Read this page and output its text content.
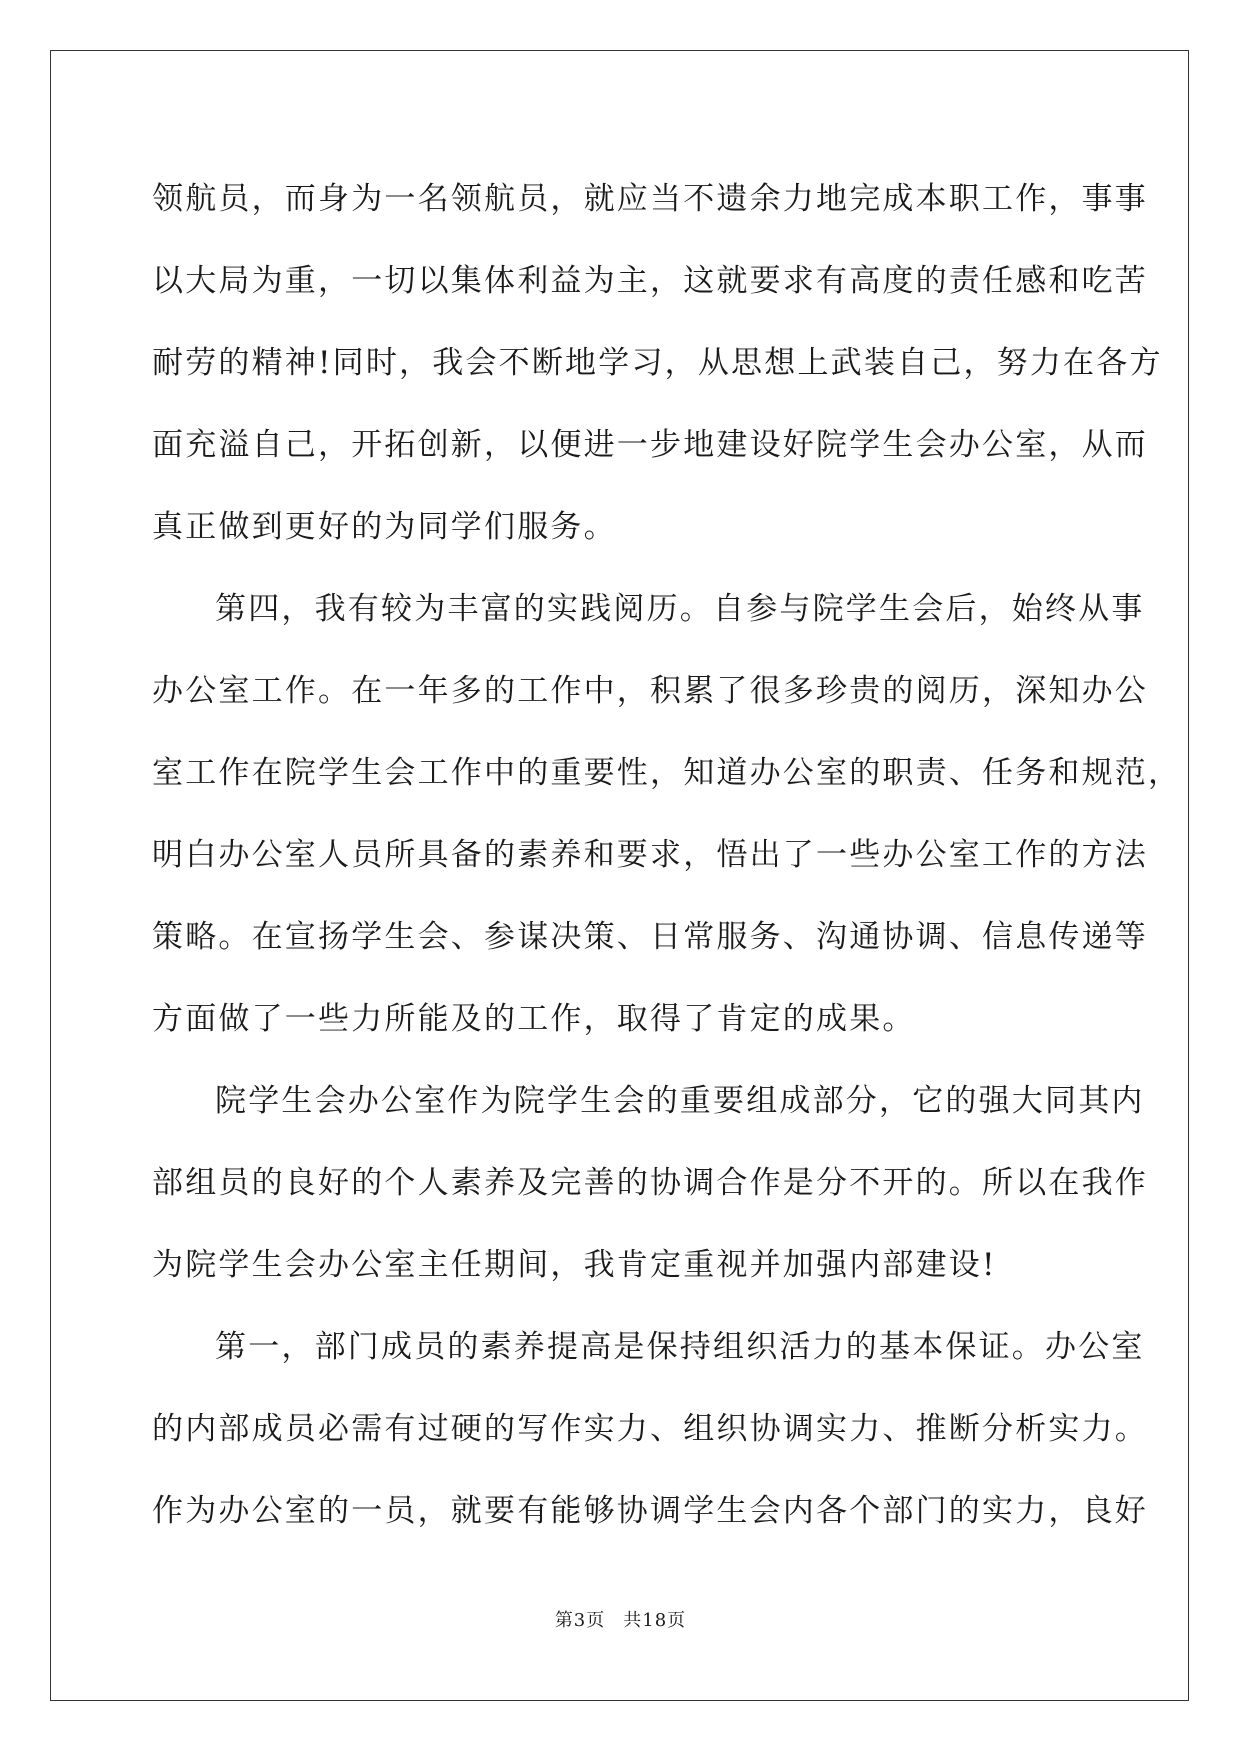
领航员，而身为一名领航员，就应当不遗余力地完成本职工作，事事
以大局为重，一切以集体利益为主，这就要求有高度的责任感和吃苦
耐劳的精神!同时，我会不断地学习，从思想上武装自己，努力在各方
面充溢自己，开拓创新，以便进一步地建设好院学生会办公室，从而
真正做到更好的为同学们服务。
第四，我有较为丰富的实践阅历。自参与院学生会后，始终从事
办公室工作。在一年多的工作中，积累了很多珍贵的阅历，深知办公
室工作在院学生会工作中的重要性，知道办公室的职责、任务和规范，
明白办公室人员所具备的素养和要求，悟出了一些办公室工作的方法
策略。在宣扬学生会、参谋决策、日常服务、沟通协调、信息传递等
方面做了一些力所能及的工作，取得了肯定的成果。
院学生会办公室作为院学生会的重要组成部分，它的强大同其内
部组员的良好的个人素养及完善的协调合作是分不开的。所以在我作
为院学生会办公室主任期间，我肯定重视并加强内部建设!
第一，部门成员的素养提高是保持组织活力的基本保证。办公室
的内部成员必需有过硬的写作实力、组织协调实力、推断分析实力。
作为办公室的一员，就要有能够协调学生会内各个部门的实力，良好
第3页 共18页
